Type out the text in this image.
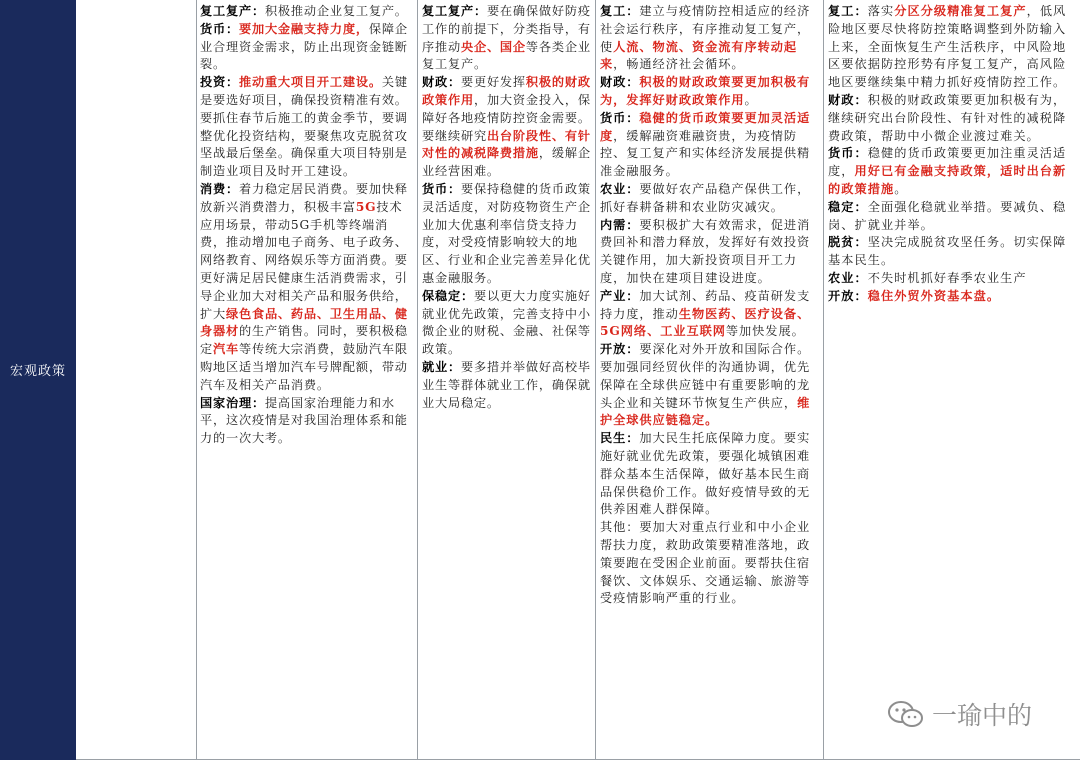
宏观政策

复工复产：积极推动企业复工复产。

货币：要加大金融支持力度，保障企业合理资金需求，防止出现资金链断裂。

投资：推动重大项目开工建设。关键是要选好项目，确保投资精准有效。要抓住春节后施工的黄金季节，要调整优化投资结构，要聚焦攻克脱贫攻坚战最后堡垒。确保重大项目特别是制造业项目及时开工建设。

消费：着力稳定居民消费。要加快释放新兴消费潜力，积极丰富5G技术应用场景，带动5G手机等终端消费，推动增加电子商务、电子政务、网络教育、网络娱乐等方面消费。要更好满足居民健康生活消费需求，引导企业加大对相关产品和服务供给，扩大绿色食品、药品、卫生用品、健身器材的生产销售。同时，要积极稳定汽车等传统大宗消费，鼓励汽车限购地区适当增加汽车号牌配额，带动汽车及相关产品消费。

国家治理：提高国家治理能力和水平，这次疫情是对我国治理体系和能力的一次大考。

复工复产：要在确保做好防疫工作的前提下，分类指导，有序推动央企、国企等各类企业复工复产。

财政：要更好发挥积极的财政政策作用，加大资金投入，保障好各地疫情防控资金需要。要继续研究出台阶段性、有针对性的减税降费措施，缓解企业经营困难。

货币：要保持稳健的货币政策灵活适度，对防疫物资生产企业加大优惠利率信贷支持力度，对受疫情影响较大的地区、行业和企业完善差异化优惠金融服务。

保稳定：要以更大力度实施好就业优先政策，完善支持中小微企业的财税、金融、社保等政策。

就业：要多措并举做好高校毕业生等群体就业工作，确保就业大局稳定。

复工：建立与疫情防控相适应的经济社会运行秩序，有序推动复工复产，使人流、物流、资金流有序转动起来，畅通经济社会循环。

财政：积极的财政政策要更加积极有为，发挥好财政政策作用。

货币：稳健的货币政策要更加灵活适度，缓解融资难融资贵，为疫情防控、复工复产和实体经济发展提供精准金融服务。

农业：要做好农产品稳产保供工作，抓好春耕备耕和农业防灾减灾。

内需：要积极扩大有效需求，促进消费回补和潜力释放，发挥好有效投资关键作用，加大新投资项目开工力度，加快在建项目建设进度。

产业：加大试剂、药品、疫苗研发支持力度，推动生物医药、医疗设备、5G网络、工业互联网等加快发展。

开放：要深化对外开放和国际合作。要加强同经贸伙伴的沟通协调，优先保障在全球供应链中有重要影响的龙头企业和关键环节恢复生产供应，维护全球供应链稳定。

民生：加大民生托底保障力度。要实施好就业优先政策，要强化城镇困难群众基本生活保障，做好基本民生商品保供稳价工作。做好疫情导致的无供养困难人群保障。

其他：要加大对重点行业和中小企业帮扶力度，救助政策要精准落地，政策要跑在受困企业前面。要帮扶住宿餐饮、文体娱乐、交通运输、旅游等受疫情影响严重的行业。

复工：落实分区分级精准复工复产，低风险地区要尽快将防控策略调整到外防输入上来，全面恢复生产生活秩序，中风险地区要依据防控形势有序复工复产，高风险地区要继续集中精力抓好疫情防控工作。

财政：积极的财政政策要更加积极有为，继续研究出台阶段性、有针对性的减税降费政策，帮助中小微企业渡过难关。

货币：稳健的货币政策要更加注重灵活适度，用好已有金融支持政策，适时出台新的政策措施。

稳定：全面强化稳就业举措。要减负、稳岗、扩就业并举。

脱贫：坚决完成脱贫攻坚任务。切实保障基本民生。

农业：不失时机抓好春季农业生产

开放：稳住外贸外资基本盘。

一瑜中的
